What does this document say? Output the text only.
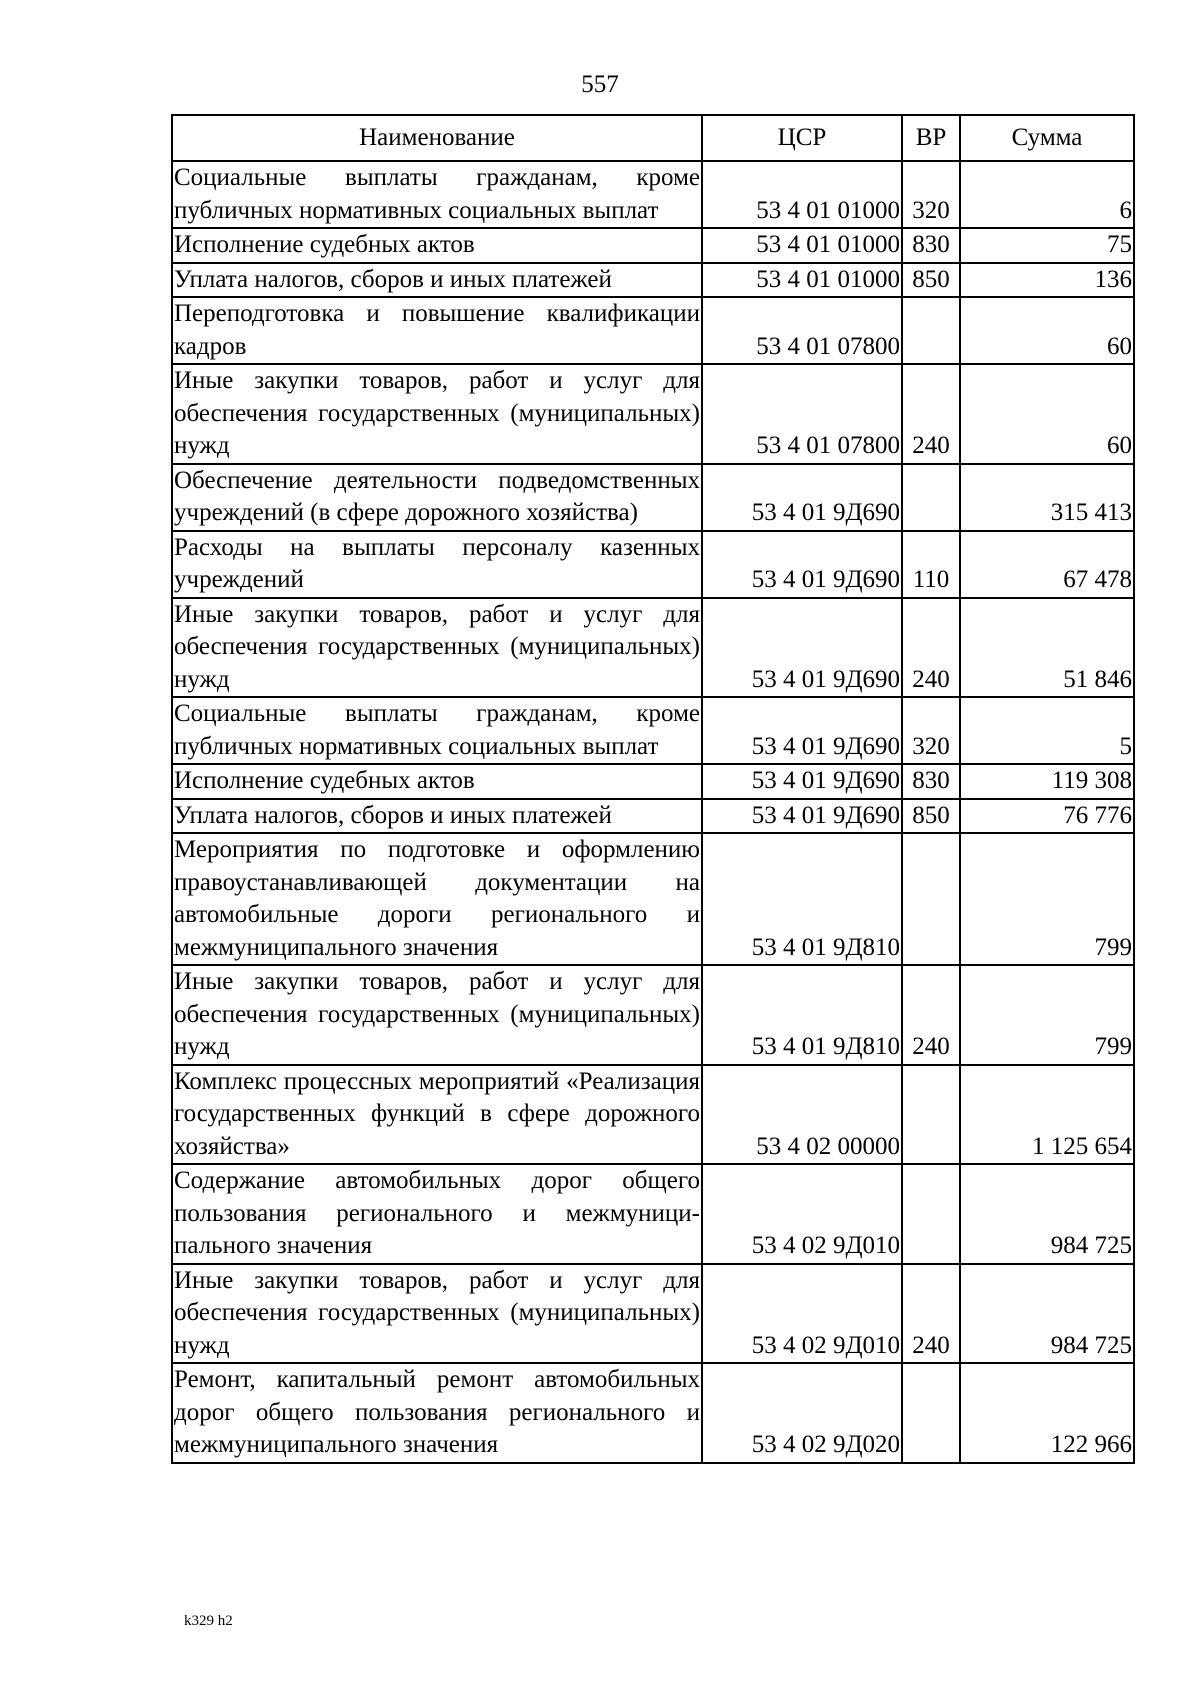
557
Наименование	ЦСР	ВР	Сумма
Социальные выплаты гражданам, кроме публичных нормативных социальных выплат	53 4 01 01000	320	6
Исполнение судебных актов	53 4 01 01000	830	75
Уплата налогов, сборов и иных платежей	53 4 01 01000	850	136
Переподготовка и повышение квалификации кадров	53 4 01 07800		60
Иные закупки товаров, работ и услуг для обеспечения государственных (муниципальных) нужд	53 4 01 07800	240	60
Обеспечение деятельности подведомственных учреждений (в сфере дорожного хозяйства)	53 4 01 9Д690		315 413
Расходы на выплаты персоналу казенных учреждений	53 4 01 9Д690	110	67 478
Иные закупки товаров, работ и услуг для обеспечения государственных (муниципальных) нужд	53 4 01 9Д690	240	51 846
Социальные выплаты гражданам, кроме публичных нормативных социальных выплат	53 4 01 9Д690	320	5
Исполнение судебных актов	53 4 01 9Д690	830	119 308
Уплата налогов, сборов и иных платежей	53 4 01 9Д690	850	76 776
Мероприятия по подготовке и оформлению правоустанавливающей документации на автомобильные дороги регионального и межмуниципального значения	53 4 01 9Д810		799
Иные закупки товаров, работ и услуг для обеспечения государственных (муниципальных) нужд	53 4 01 9Д810	240	799
Комплекс процессных мероприятий «Реализация государственных функций в сфере дорожного хозяйства»	53 4 02 00000		1 125 654
Содержание автомобильных дорог общего пользования регионального и межмуниципального значения	53 4 02 9Д010		984 725
Иные закупки товаров, работ и услуг для обеспечения государственных (муниципальных) нужд	53 4 02 9Д010	240	984 725
Ремонт, капитальный ремонт автомобильных дорог общего пользования регионального и межмуниципального значения	53 4 02 9Д020		122 966
k329 h2
